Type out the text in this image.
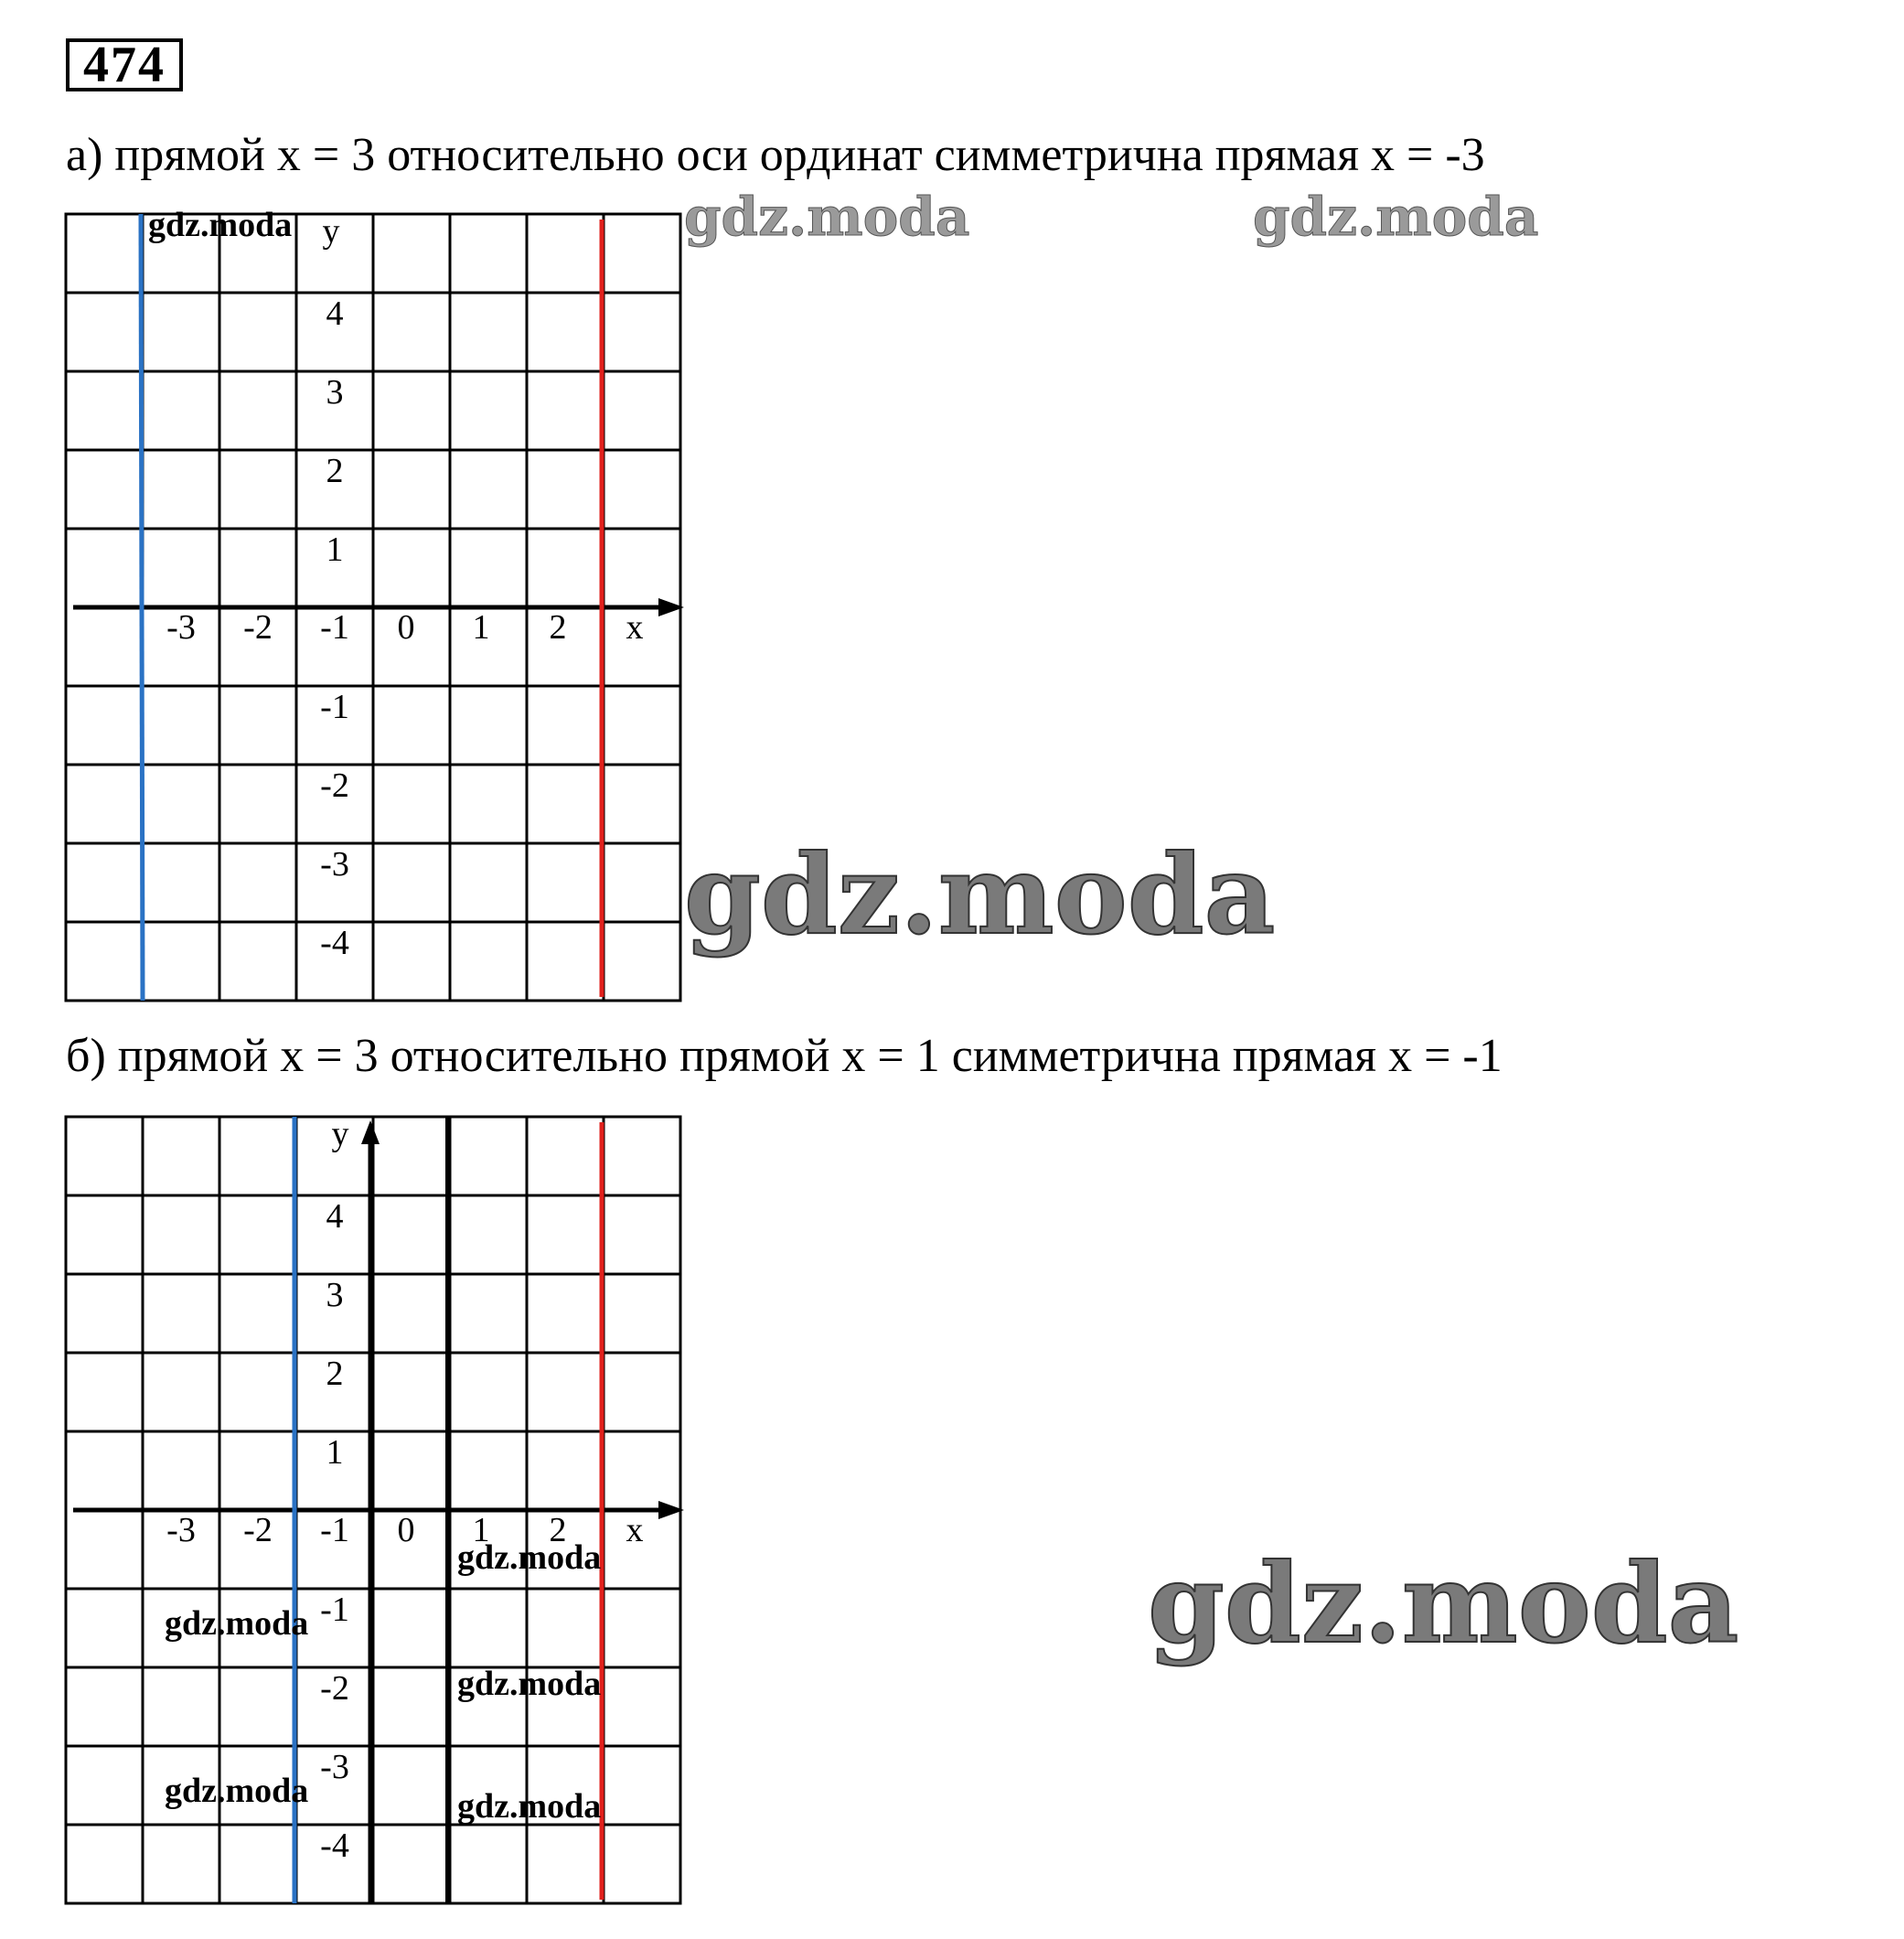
474
а) прямой x = 3 относительно оси ординат симметрична прямая x = -3
y
x
-3 -2 -1 0 1 2
4
3
2
1
-1
-2
-3
-4
gdz.moda
б) прямой x = 3 относительно прямой x = 1 симметрична прямая x = -1
y
x
-3 -2 -1 0 1 2
4
3
2
1
-1
-2
-3
-4
gdz.moda
gdz.moda
gdz.moda
gdz.moda	gdz.moda
gdz.moda	gdz.moda
gdz.moda
gdz.moda
